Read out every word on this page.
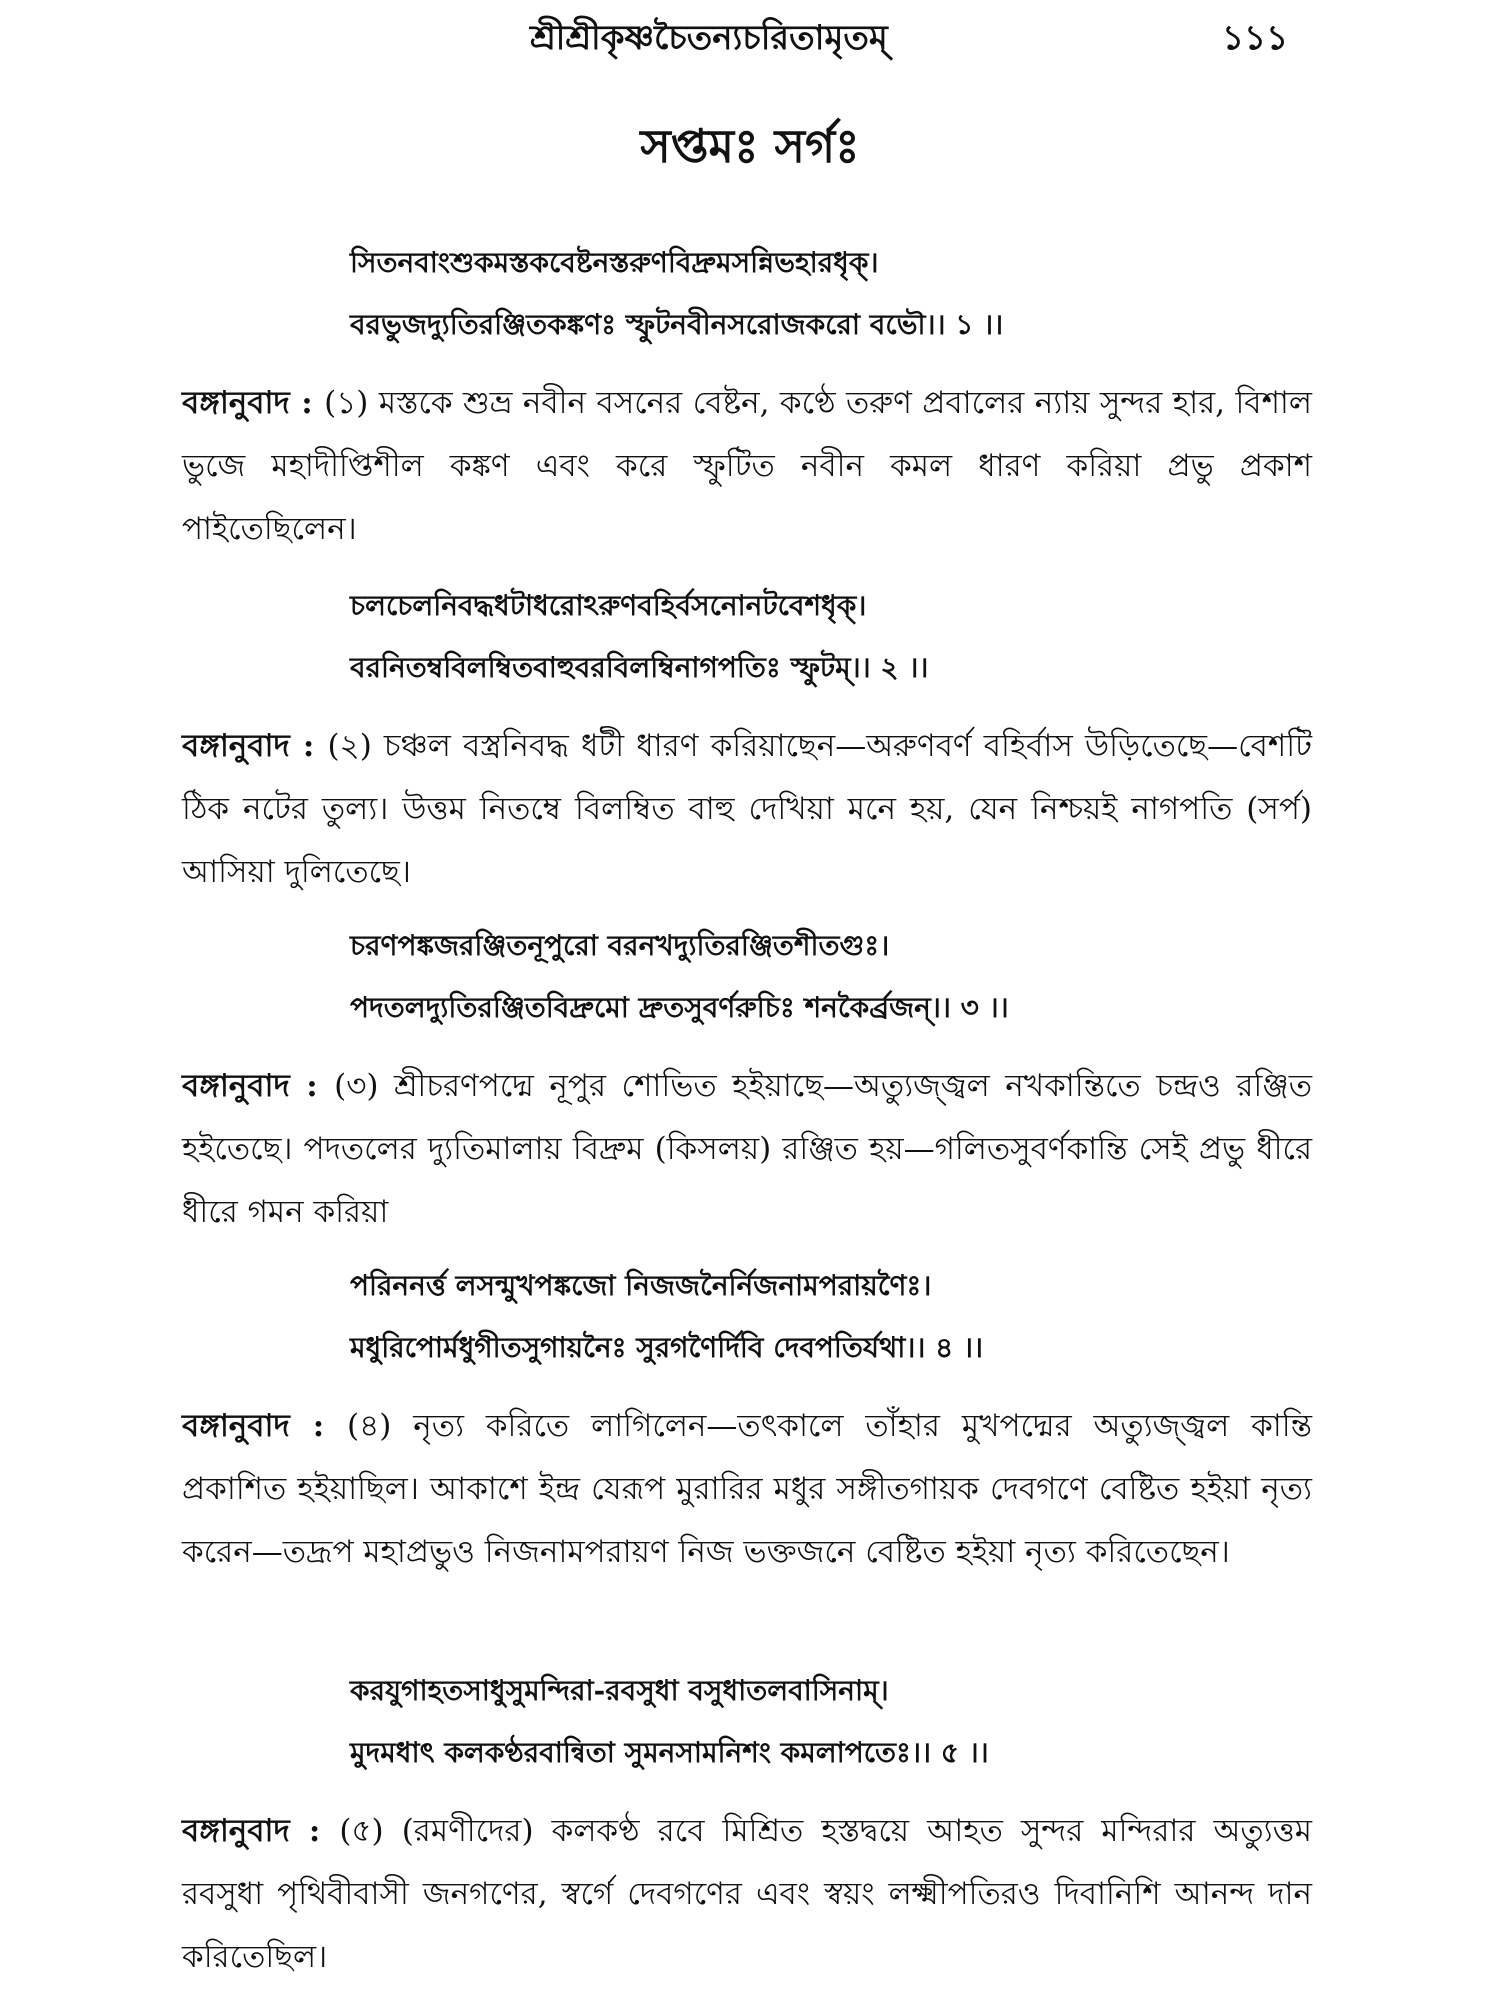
শ্রীশ্রীকৃষ্ণচৈতন্যচরিতামৃতম্	১১১
সপ্তমঃ সর্গঃ
সিতনবাংশুকমস্তকবেষ্টনস্তরুণবিদ্রুমসন্নিভহারধৃক্।
বরভুজদ্যুতিরঞ্জিতকঙ্কণঃ স্ফুটনবীনসরোজকরো বভৌ।। ১ ।।
বঙ্গানুবাদ : (১) মস্তকে শুভ্র নবীন বসনের বেষ্টন, কণ্ঠে তরুণ প্রবালের ন্যায় সুন্দর হার, বিশাল ভুজে মহাদীপ্তিশীল কঙ্কণ এবং করে স্ফুটিত নবীন কমল ধারণ করিয়া প্রভু প্রকাশ পাইতেছিলেন।
চলচেলনিবদ্ধধটাধরোঽরুণবহির্বসনোনটবেশধৃক্।
বরনিতম্ববিলম্বিতবাহুবরবিলম্বিনাগপতিঃ স্ফুটম্।। ২ ।।
বঙ্গানুবাদ : (২) চঞ্চল বস্ত্রনিবদ্ধ ধটী ধারণ করিয়াছেন—অরুণবর্ণ বহির্বাস উড়িতেছে—বেশটি ঠিক নটের তুল্য। উত্তম নিতম্বে বিলম্বিত বাহু দেখিয়া মনে হয়, যেন নিশ্চয়ই নাগপতি (সর্প) আসিয়া দুলিতেছে।
চরণপঙ্কজরঞ্জিতনূপুরো বরনখদ্যুতিরঞ্জিতশীতগুঃ।
পদতলদ্যুতিরঞ্জিতবিদ্রুমো দ্রুতসুবর্ণরুচিঃ শনকৈর্ব্রজন্।। ৩ ।।
বঙ্গানুবাদ : (৩) শ্রীচরণপদ্মে নূপুর শোভিত হইয়াছে—অত্যুজ্জ্বল নখকান্তিতে চন্দ্রও রঞ্জিত হইতেছে। পদতলের দ্যুতিমালায় বিদ্রুম (কিসলয়) রঞ্জিত হয়—গলিতসুবর্ণকান্তি সেই প্রভু ধীরে ধীরে গমন করিয়া
পরিননর্ত্ত লসন্মুখপঙ্কজো নিজজনৈর্নিজনামপরায়ণৈঃ।
মধুরিপোর্মধুগীতসুগায়নৈঃ সুরগণৈর্দিবি দেবপতির্যথা।। ৪ ।।
বঙ্গানুবাদ : (৪) নৃত্য করিতে লাগিলেন—তৎকালে তাঁহার মুখপদ্মের অত্যুজ্জ্বল কান্তি প্রকাশিত হইয়াছিল। আকাশে ইন্দ্র যেরূপ মুরারির মধুর সঙ্গীতগায়ক দেবগণে বেষ্টিত হইয়া নৃত্য করেন—তদ্রূপ মহাপ্রভুও নিজনামপরায়ণ নিজ ভক্তজনে বেষ্টিত হইয়া নৃত্য করিতেছেন।
করযুগাহতসাধুসুমন্দিরা-রবসুধা বসুধাতলবাসিনাম্।
মুদমধাৎ কলকণ্ঠরবান্বিতা সুমনসামনিশং কমলাপতেঃ।। ৫ ।।
বঙ্গানুবাদ : (৫) (রমণীদের) কলকণ্ঠ রবে মিশ্রিত হস্তদ্বয়ে আহত সুন্দর মন্দিরার অত্যুত্তম রবসুধা পৃথিবীবাসী জনগণের, স্বর্গে দেবগণের এবং স্বয়ং লক্ষ্মীপতিরও দিবানিশি আনন্দ দান করিতেছিল।
